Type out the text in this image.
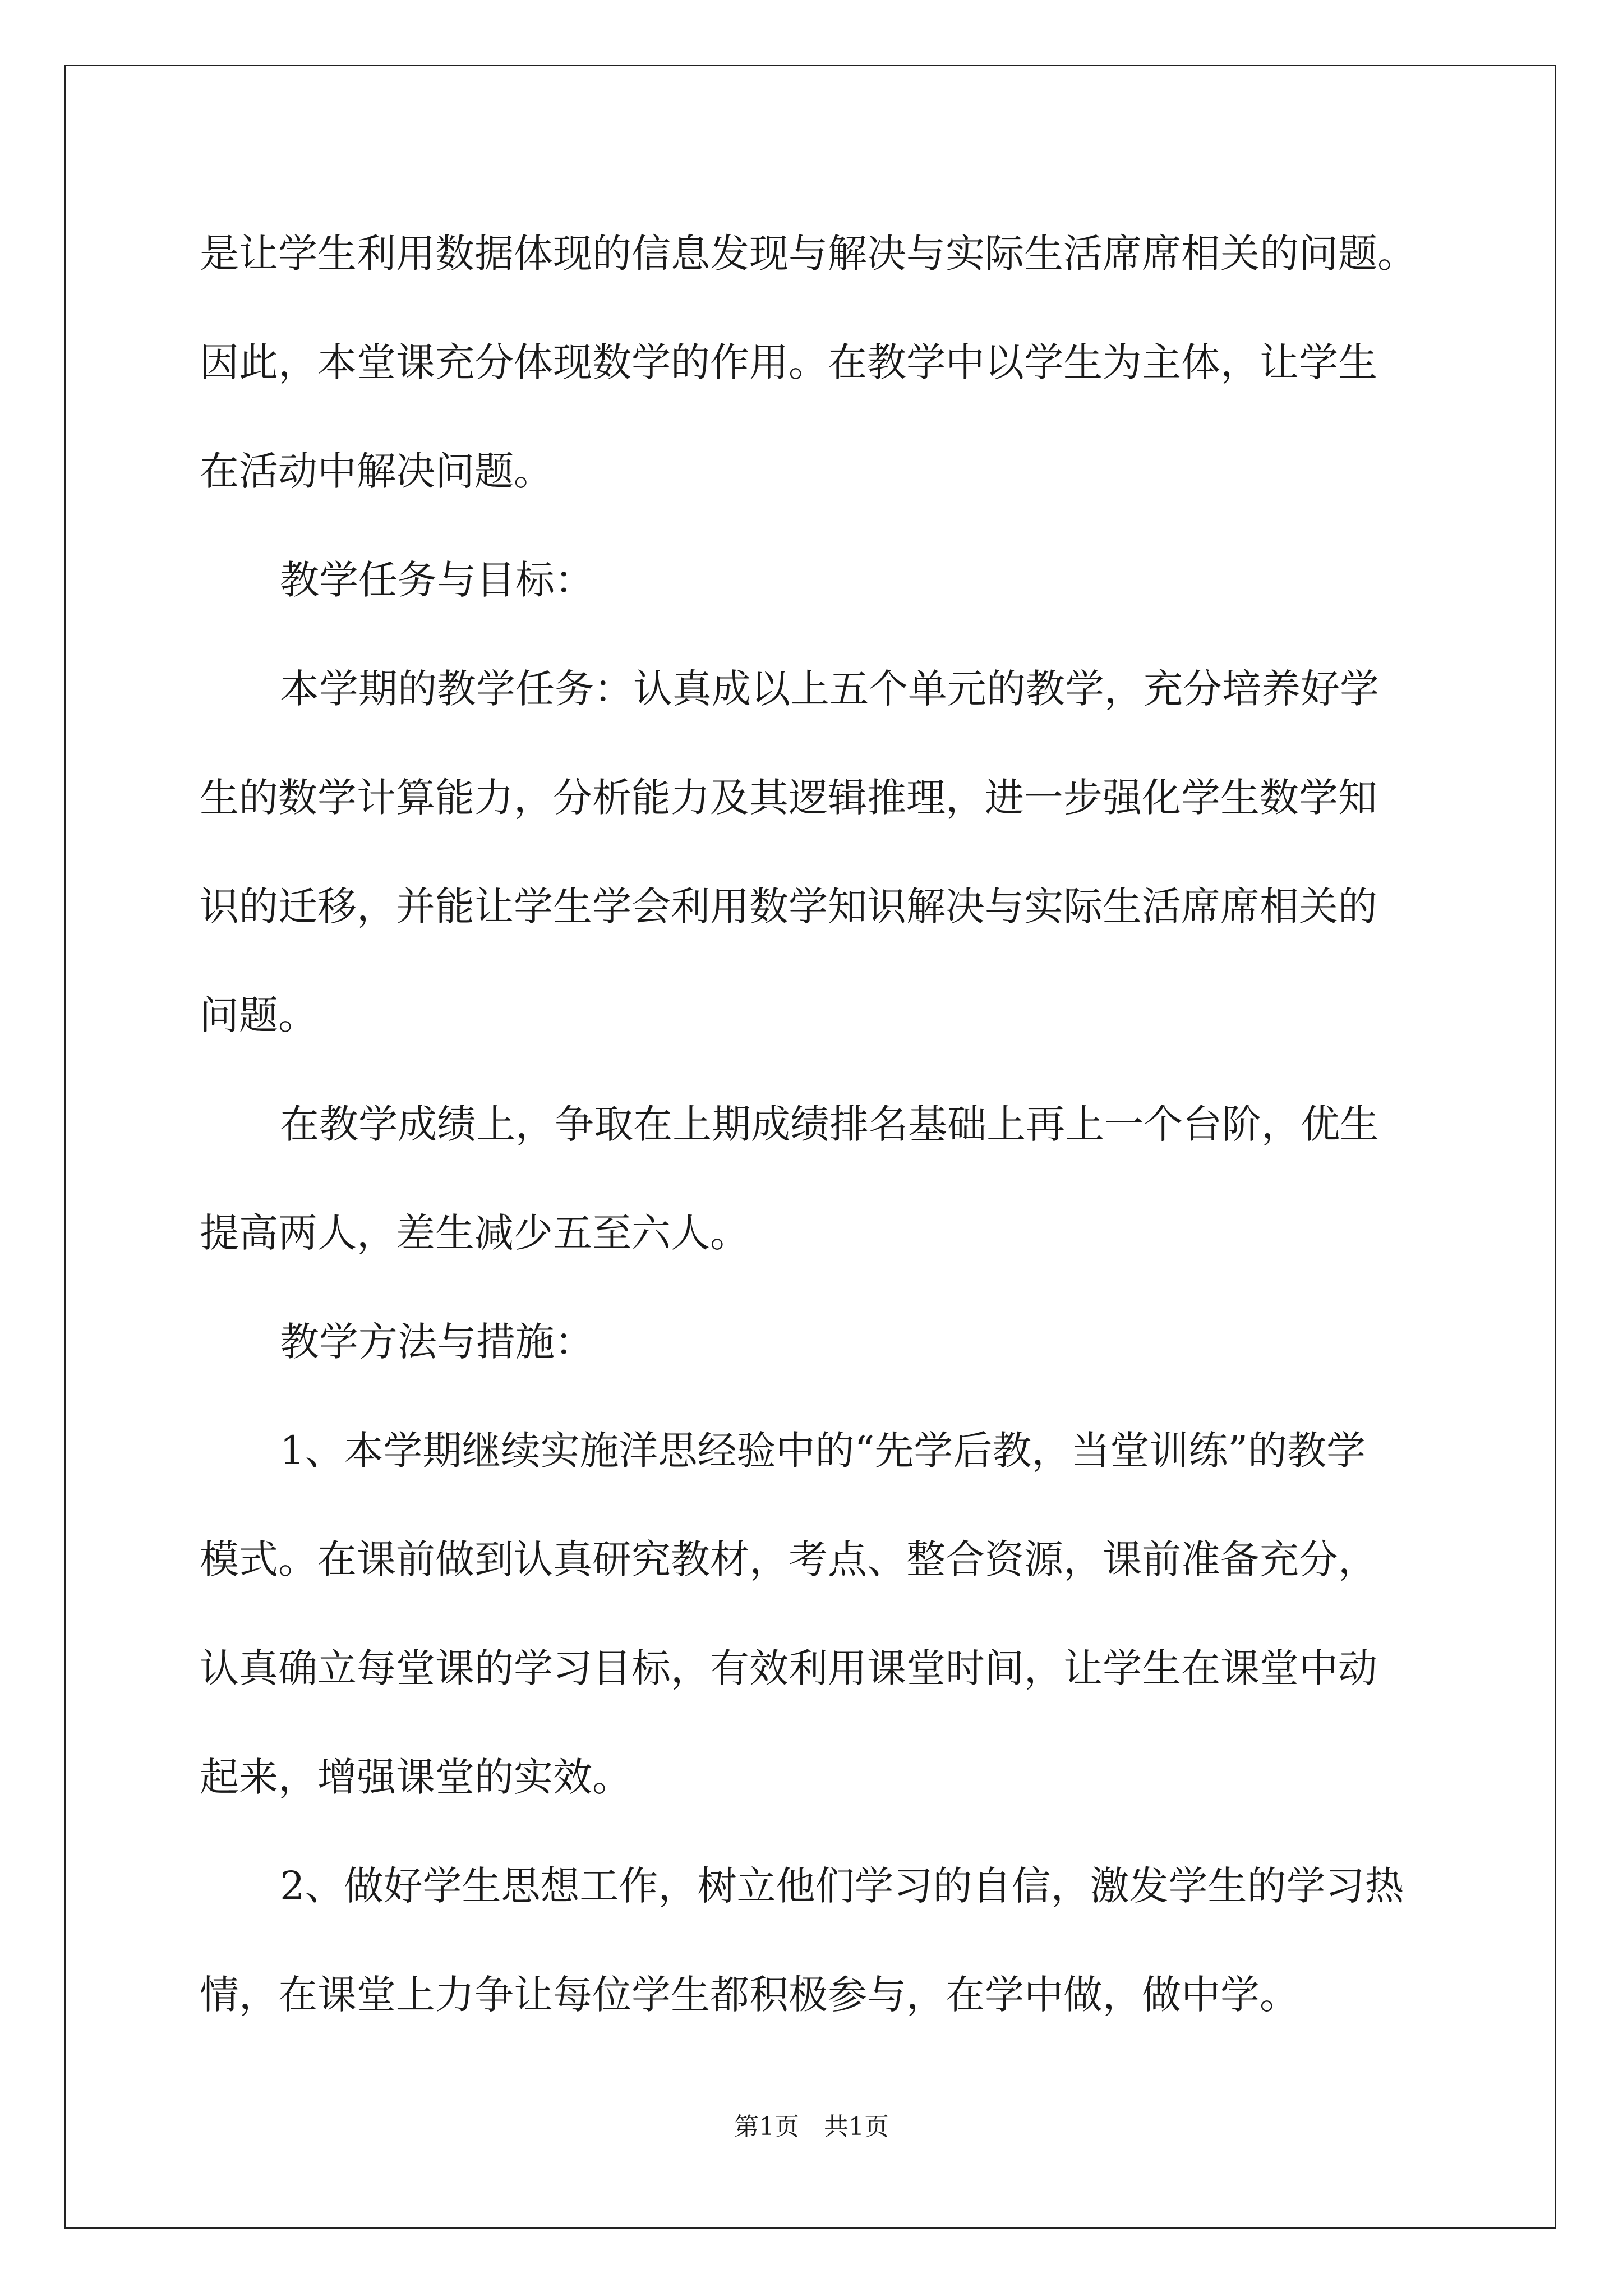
是让学生利用数据体现的信息发现与解决与实际生活席席相关的问题。
因此，本堂课充分体现数学的作用。在教学中以学生为主体，让学生
在活动中解决问题。
教学任务与目标：
本学期的教学任务：认真成以上五个单元的教学，充分培养好学
生的数学计算能力，分析能力及其逻辑推理，进一步强化学生数学知
识的迁移，并能让学生学会利用数学知识解决与实际生活席席相关的
问题。
在教学成绩上，争取在上期成绩排名基础上再上一个台阶，优生
提高两人，差生减少五至六人。
教学方法与措施：
1、本学期继续实施洋思经验中的“先学后教，当堂训练”的教学
模式。在课前做到认真研究教材，考点、整合资源，课前准备充分，
认真确立每堂课的学习目标，有效利用课堂时间，让学生在课堂中动
起来，增强课堂的实效。
2、做好学生思想工作，树立他们学习的自信，激发学生的学习热
情，在课堂上力争让每位学生都积极参与，在学中做，做中学。
第1页　共1页
